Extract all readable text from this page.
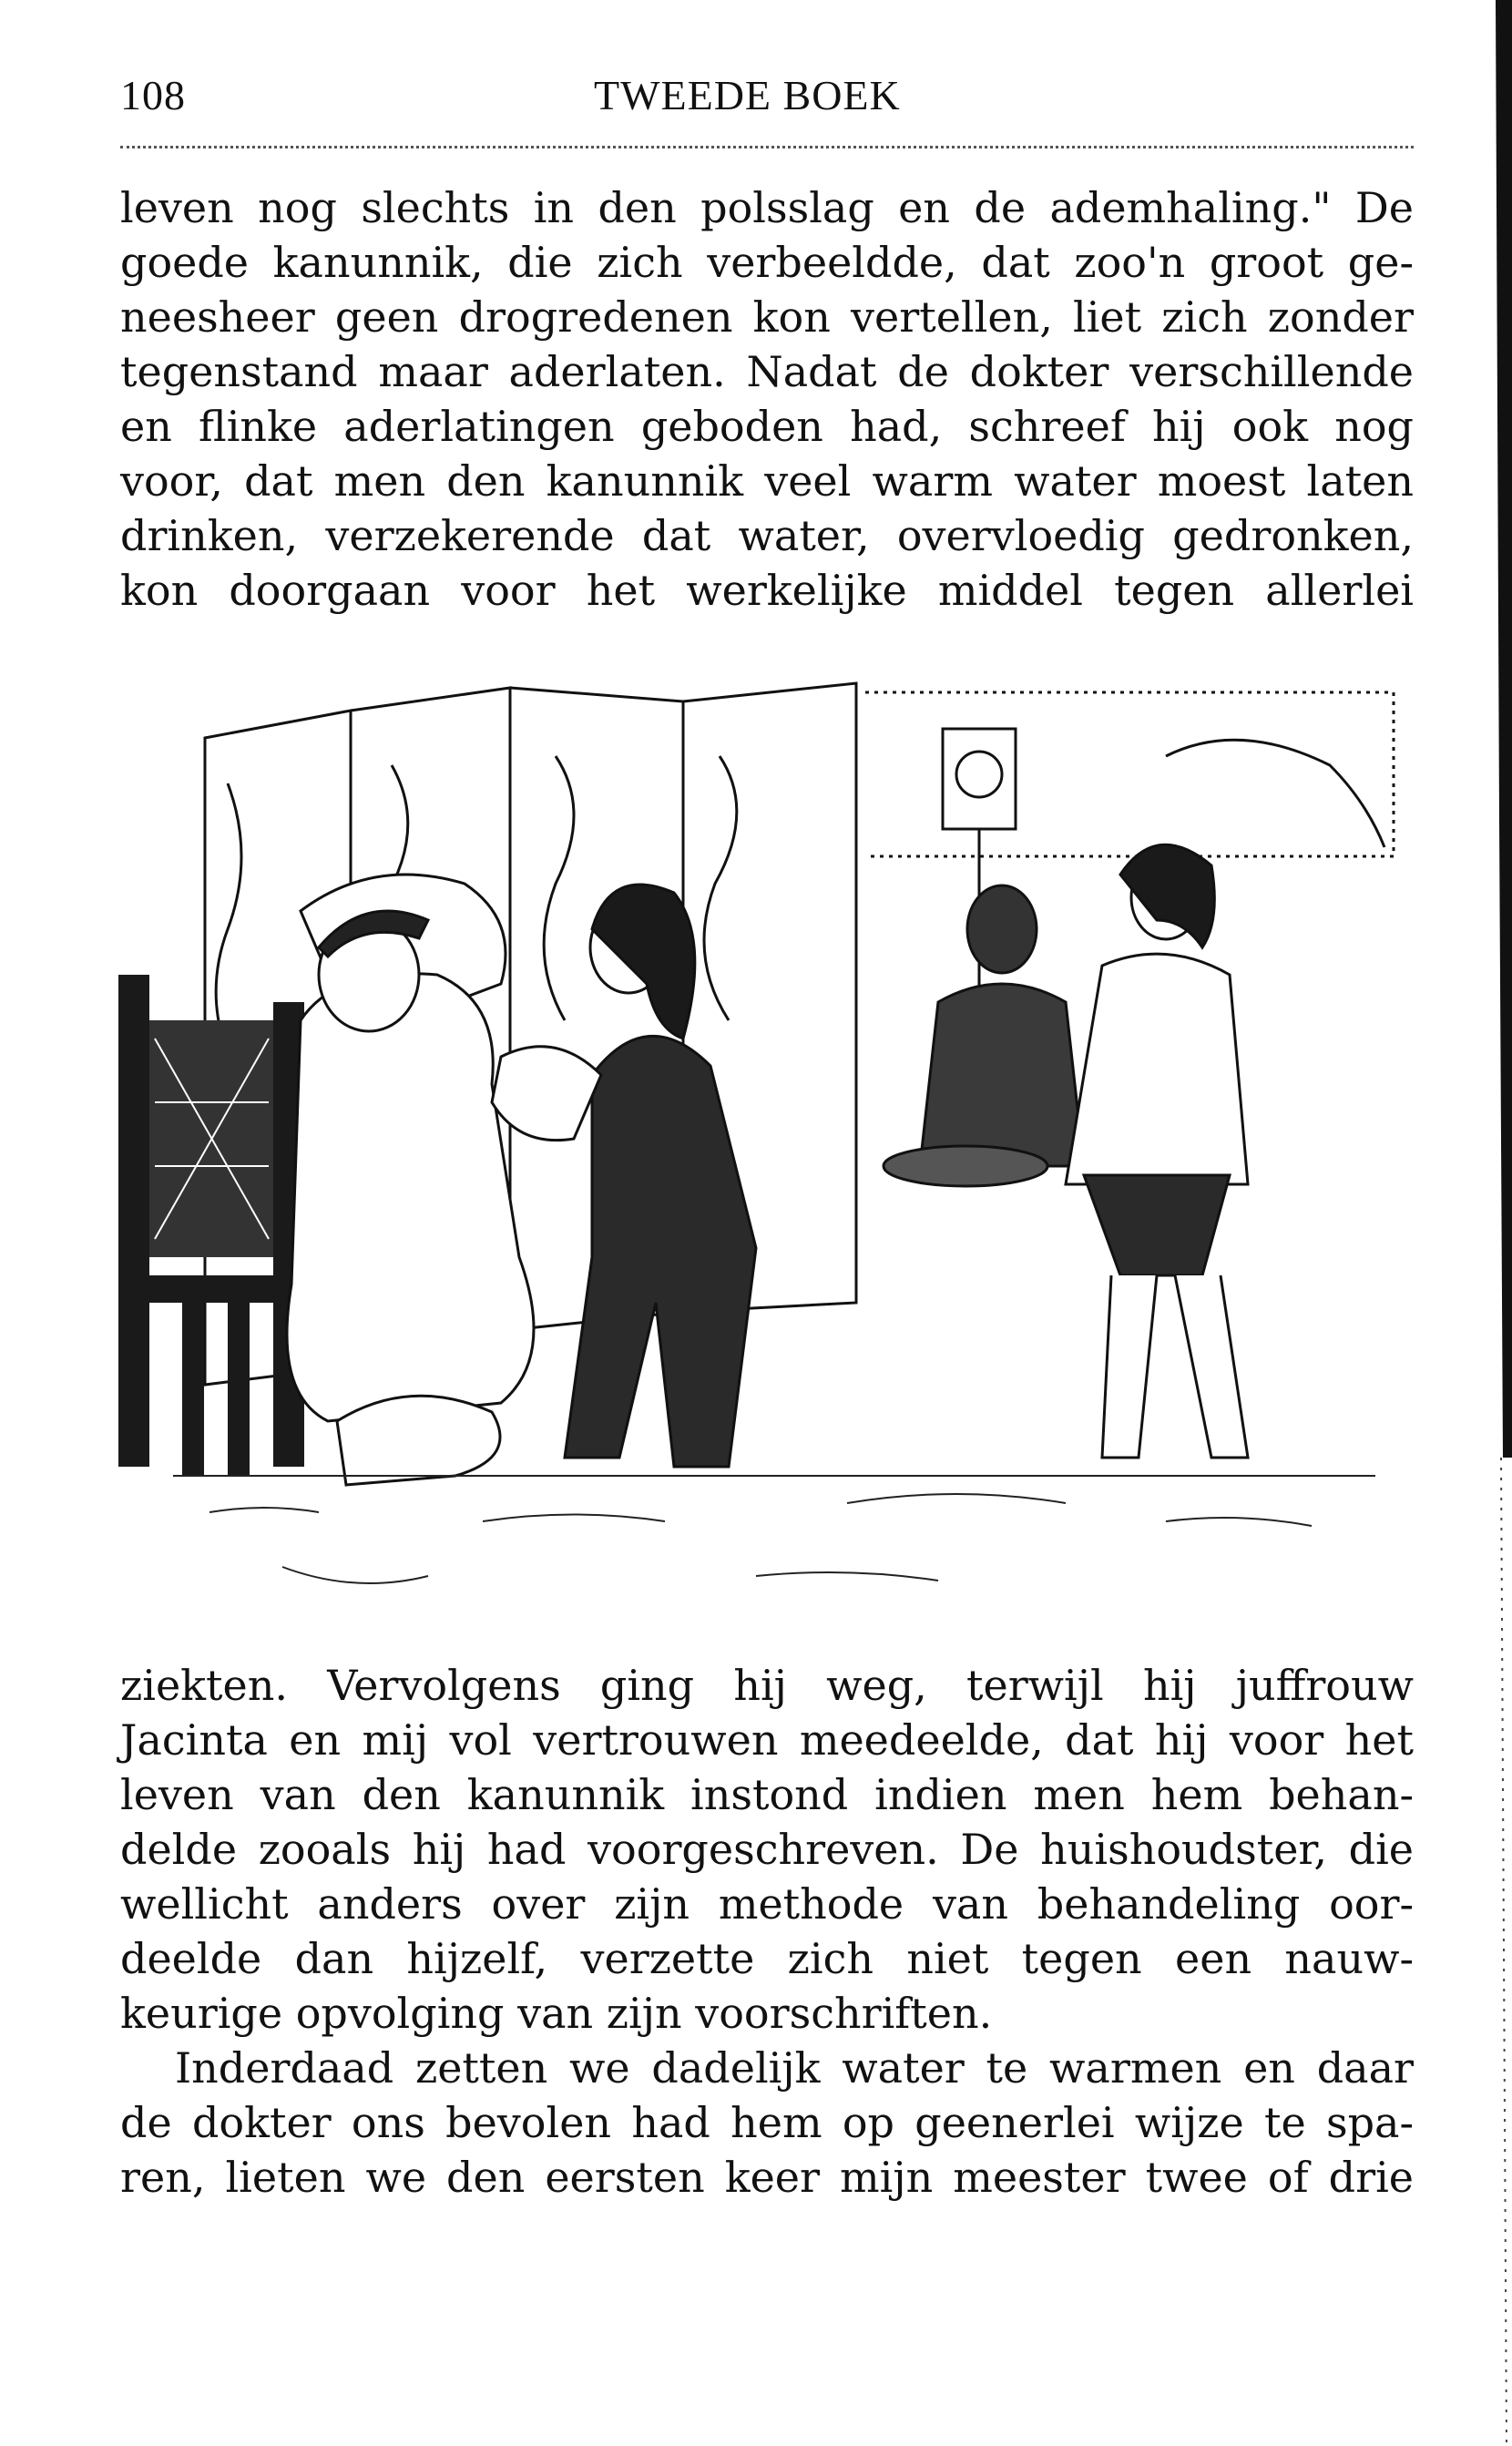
108	TWEEDE BOEK
leven nog slechts in den polsslag en de ademhaling." De
goede kanunnik, die zich verbeeldde, dat zoo'n groot ge-
neesheer geen drogredenen kon vertellen, liet zich zonder
tegenstand maar aderlaten. Nadat de dokter verschillende
en flinke aderlatingen geboden had, schreef hij ook nog
voor, dat men den kanunnik veel warm water moest laten
drinken, verzekerende dat water, overvloedig gedronken,
kon doorgaan voor het werkelijke middel tegen allerlei
ziekten. Vervolgens ging hij weg, terwijl hij juffrouw
Jacinta en mij vol vertrouwen meedeelde, dat hij voor het
leven van den kanunnik instond indien men hem behan-
delde zooals hij had voorgeschreven. De huishoudster, die
wellicht anders over zijn methode van behandeling oor-
deelde dan hijzelf, verzette zich niet tegen een nauw-
keurige opvolging van zijn voorschriften.
Inderdaad zetten we dadelijk water te warmen en daar
de dokter ons bevolen had hem op geenerlei wijze te spa-
ren, lieten we den eersten keer mijn meester twee of drie
